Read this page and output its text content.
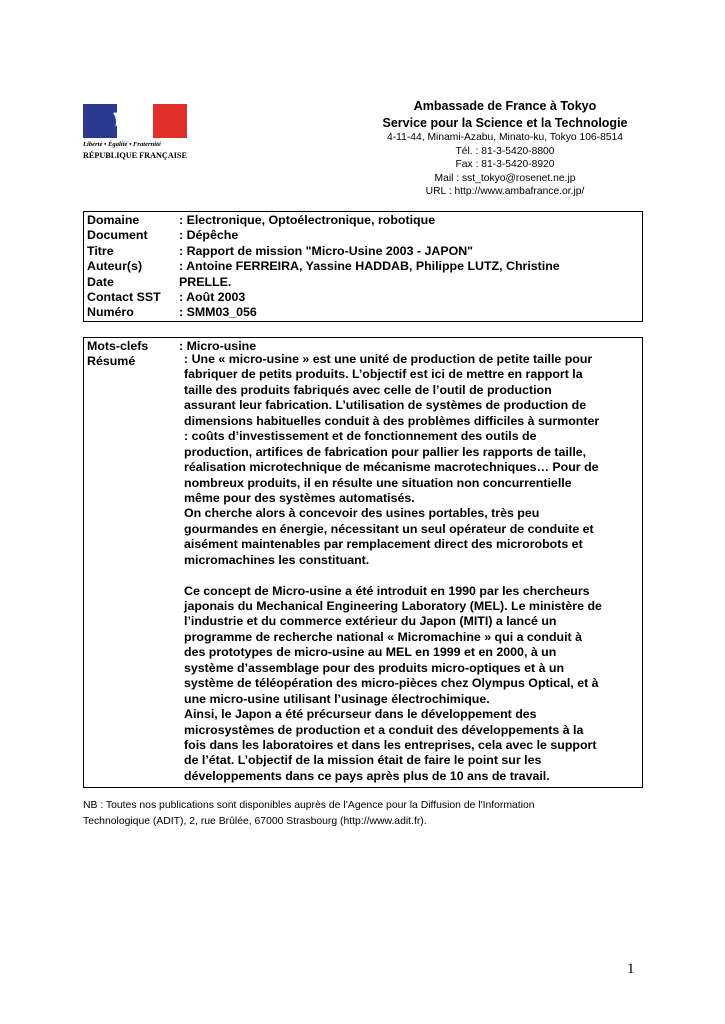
Liberté • Égalité • Fraternité
RÉPUBLIQUE FRANÇAISE
Ambassade de France à Tokyo
Service pour la Science et la Technologie
4-11-44, Minami-Azabu, Minato-ku, Tokyo 106-8514
Tél. : 81-3-5420-8800
Fax : 81-3-5420-8920
Mail : sst_tokyo@rosenet.ne.jp
URL : http://www.ambafrance.or.jp/
Domaine	: Electronique, Optoélectronique, robotique
Document	: Dépêche
Titre	: Rapport de mission "Micro-Usine 2003 - JAPON"
Auteur(s)	: Antoine FERREIRA, Yassine HADDAB, Philippe LUTZ, Christine
Date	PRELLE.
Contact SST	: Août 2003
Numéro	: SMM03_056
Mots-clefs	: Micro-usine
Résumé	: Une « micro-usine » est une unité de production de petite taille pour
fabriquer de petits produits. L’objectif est ici de mettre en rapport la
taille des produits fabriqués avec celle de l’outil de production
assurant leur fabrication. L’utilisation de systèmes de production de
dimensions habituelles conduit à des problèmes difficiles à surmonter
: coûts d’investissement et de fonctionnement des outils de
production, artifices de fabrication pour pallier les rapports de taille,
réalisation microtechnique de mécanisme macrotechniques… Pour de
nombreux produits, il en résulte une situation non concurrentielle
même pour des systèmes automatisés.
On cherche alors à concevoir des usines portables, très peu
gourmandes en énergie, nécessitant un seul opérateur de conduite et
aisément maintenables par remplacement direct des microrobots et
micromachines les constituant.
Ce concept de Micro-usine a été introduit en 1990 par les chercheurs
japonais du Mechanical Engineering Laboratory (MEL). Le ministère de
l’industrie et du commerce extérieur du Japon (MITI) a lancé un
programme de recherche national « Micromachine » qui a conduit à
des prototypes de micro-usine au MEL en 1999 et en 2000, à un
système d’assemblage pour des produits micro-optiques et à un
système de téléopération des micro-pièces chez Olympus Optical, et à
une micro-usine utilisant l’usinage électrochimique.
Ainsi, le Japon a été précurseur dans le développement des
microsystèmes de production et a conduit des développements à la
fois dans les laboratoires et dans les entreprises, cela avec le support
de l’état. L’objectif de la mission était de faire le point sur les
développements dans ce pays après plus de 10 ans de travail.
NB : Toutes nos publications sont disponibles auprès de l’Agence pour la Diffusion de l'Information
Technologique (ADIT), 2, rue Brûlée, 67000 Strasbourg (http://www.adit.fr).
1
